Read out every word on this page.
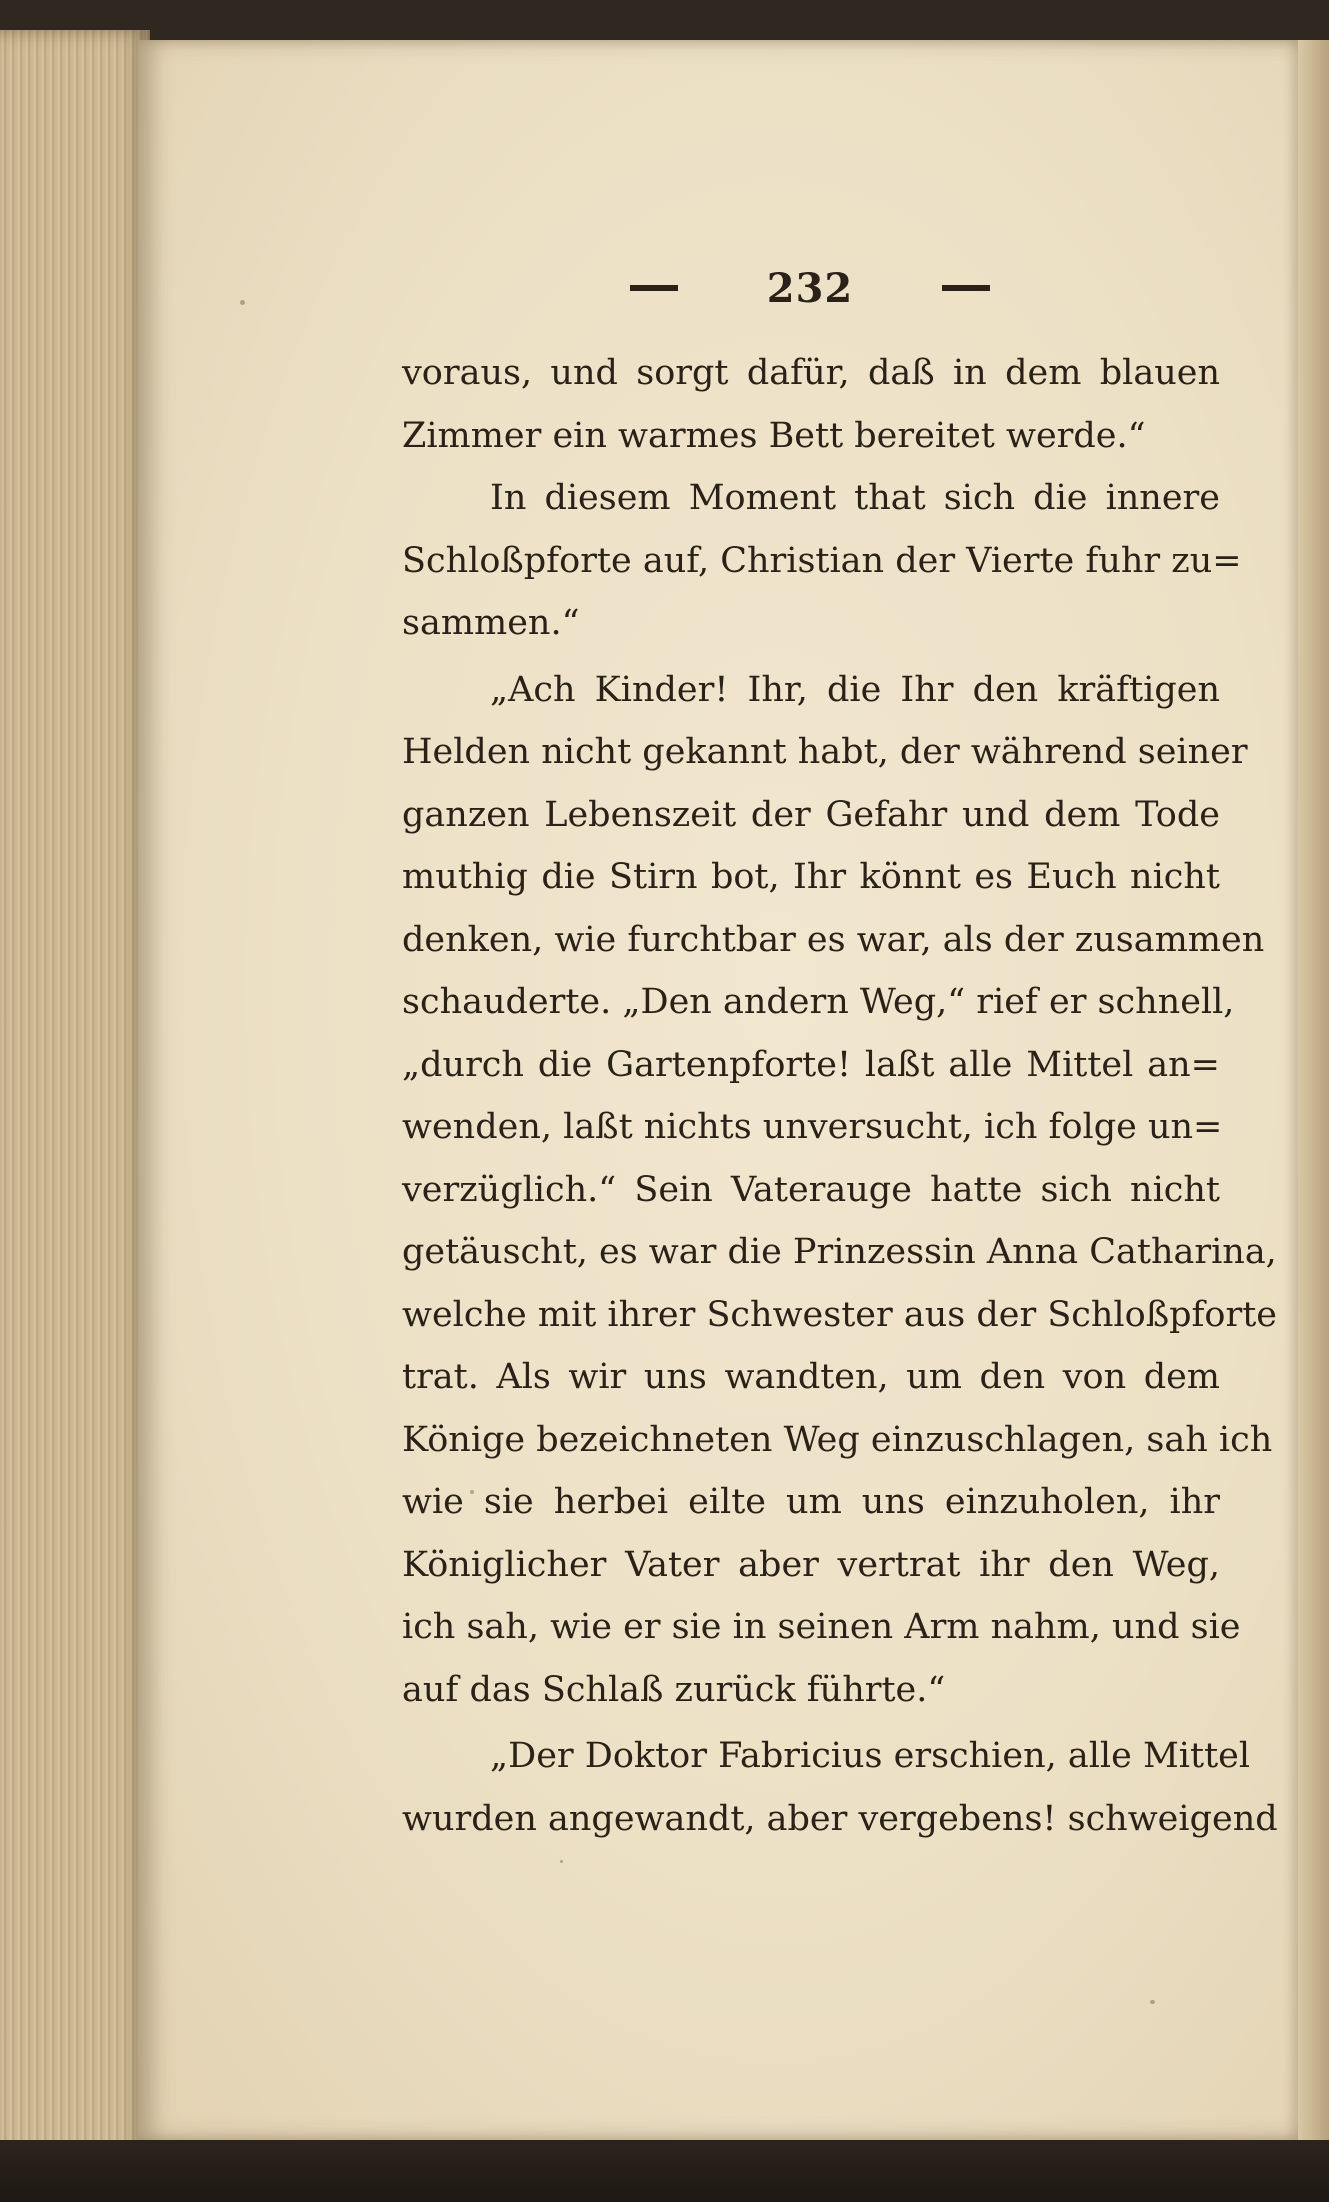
232
voraus, und sorgt dafür, daß in dem blauen
Zimmer ein warmes Bett bereitet werde.“
In diesem Moment that sich die innere
Schloßpforte auf, Christian der Vierte fuhr zu=
sammen.“
„Ach Kinder! Ihr, die Ihr den kräftigen
Helden nicht gekannt habt, der während seiner
ganzen Lebenszeit der Gefahr und dem Tode
muthig die Stirn bot, Ihr könnt es Euch nicht
denken, wie furchtbar es war, als der zusammen
schauderte. „Den andern Weg,“ rief er schnell,
„durch die Gartenpforte! laßt alle Mittel an=
wenden, laßt nichts unversucht, ich folge un=
verzüglich.“ Sein Vaterauge hatte sich nicht
getäuscht, es war die Prinzessin Anna Catharina,
welche mit ihrer Schwester aus der Schloßpforte
trat. Als wir uns wandten, um den von dem
Könige bezeichneten Weg einzuschlagen, sah ich
wie sie herbei eilte um uns einzuholen, ihr
Königlicher Vater aber vertrat ihr den Weg,
ich sah, wie er sie in seinen Arm nahm, und sie
auf das Schlaß zurück führte.“
„Der Doktor Fabricius erschien, alle Mittel
wurden angewandt, aber vergebens! schweigend
